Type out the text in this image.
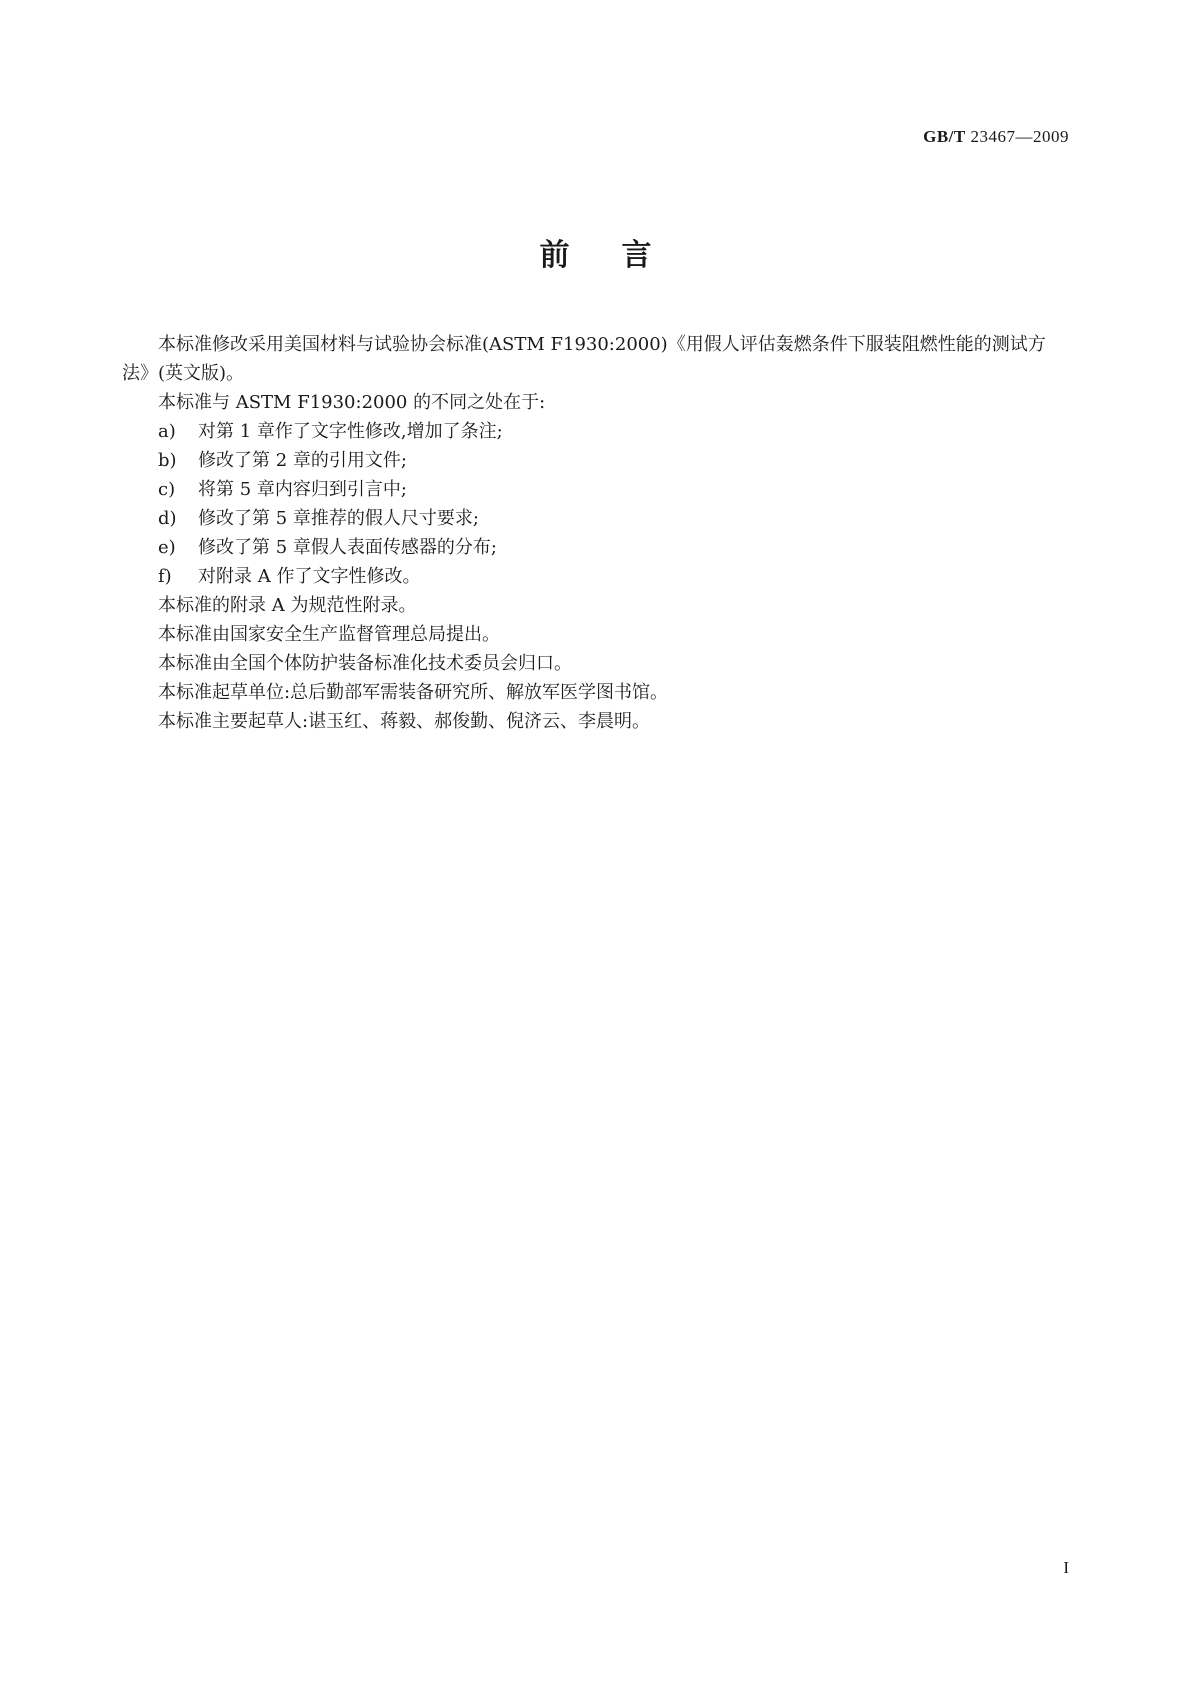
GB/T 23467—2009
前言

本标准修改采用美国材料与试验协会标准(ASTM F1930:2000)《用假人评估轰燃条件下服装阻燃性能的测试方法》(英文版)。

本标准与 ASTM F1930:2000 的不同之处在于:

a) 对第 1 章作了文字性修改,增加了条注;

b) 修改了第 2 章的引用文件;

c) 将第 5 章内容归到引言中;

d) 修改了第 5 章推荐的假人尺寸要求;

e) 修改了第 5 章假人表面传感器的分布;

f) 对附录 A 作了文字性修改。

本标准的附录 A 为规范性附录。

本标准由国家安全生产监督管理总局提出。

本标准由全国个体防护装备标准化技术委员会归口。

本标准起草单位:总后勤部军需装备研究所、解放军医学图书馆。

本标准主要起草人:谌玉红、蒋毅、郝俊勤、倪济云、李晨明。

I
